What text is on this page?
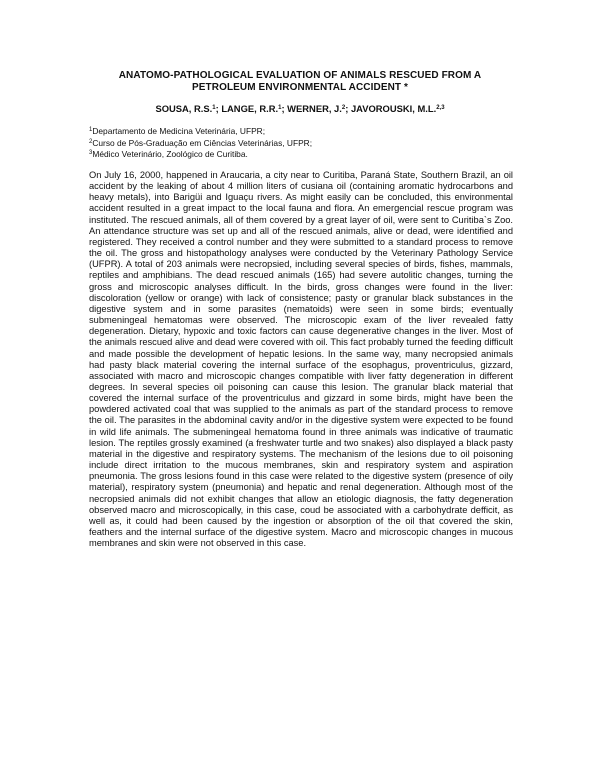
ANATOMO-PATHOLOGICAL EVALUATION OF ANIMALS RESCUED FROM A
PETROLEUM ENVIRONMENTAL ACCIDENT *
SOUSA, R.S.$^1$; LANGE, R.R.$^1$; WERNER, J.$^2$; JAVOROUSKI, M.L.$^{2,3}$
$^1$Departamento de Medicina Veterinária, UFPR;
$^2$Curso de Pós-Graduação em Ciências Veterinárias, UFPR;
$^3$Médico Veterinário, Zoológico de Curitiba.

On July 16, 2000, happened in Araucaria, a city near to Curitiba, Paraná State, Southern Brazil, an oil accident by the leaking of about 4 million liters of cusiana oil (containing aromatic hydrocarbons and heavy metals), into Barigüi and Iguaçu rivers. As might easily can be concluded, this environmental accident resulted in a great impact to the local fauna and flora. An emergencial rescue program was instituted. The rescued animals, all of them covered by a great layer of oil, were sent to Curitiba`s Zoo. An attendance structure was set up and all of the rescued animals, alive or dead, were identified and registered. They received a control number and they were submitted to a standard process to remove the oil. The gross and histopathology analyses were conducted by the Veterinary Pathology Service (UFPR). A total of 203 animals were necropsied, including several species of birds, fishes, mammals, reptiles and amphibians. The dead rescued animals (165) had severe autolitic changes, turning the gross and microscopic analyses difficult. In the birds, gross changes were found in the liver: discoloration (yellow or orange) with lack of consistence; pasty or granular black substances in the digestive system and in some parasites (nematoids) were seen in some birds; eventually submeningeal hematomas were observed. The microscopic exam of the liver revealed fatty degeneration. Dietary, hypoxic and toxic factors can cause degenerative changes in the liver. Most of the animals rescued alive and dead were covered with oil. This fact probably turned the feeding difficult and made possible the development of hepatic lesions. In the same way, many necropsied animals had pasty black material covering the internal surface of the esophagus, proventriculus, gizzard, associated with macro and microscopic changes compatible with liver fatty degeneration in different degrees. In several species oil poisoning can cause this lesion. The granular black material that covered the internal surface of the proventriculus and gizzard in some birds, might have been the powdered activated coal that was supplied to the animals as part of the standard process to remove the oil. The parasites in the abdominal cavity and/or in the digestive system were expected to be found in wild life animals. The submeningeal hematoma found in three animals was indicative of traumatic lesion. The reptiles grossly examined (a freshwater turtle and two snakes) also displayed a black pasty material in the digestive and respiratory systems. The mechanism of the lesions due to oil poisoning include direct irritation to the mucous membranes, skin and respiratory system and aspiration pneumonia. The gross lesions found in this case were related to the digestive system (presence of oily material), respiratory system (pneumonia) and hepatic and renal degeneration. Although most of the necropsied animals did not exhibit changes that allow an etiologic diagnosis, the fatty degeneration observed macro and microscopically, in this case, coud be associated with a carbohydrate defficit, as well as, it could had been caused by the ingestion or absorption of the oil that covered the skin, feathers and the internal surface of the digestive system. Macro and microscopic changes in mucous membranes and skin were not observed in this case.
